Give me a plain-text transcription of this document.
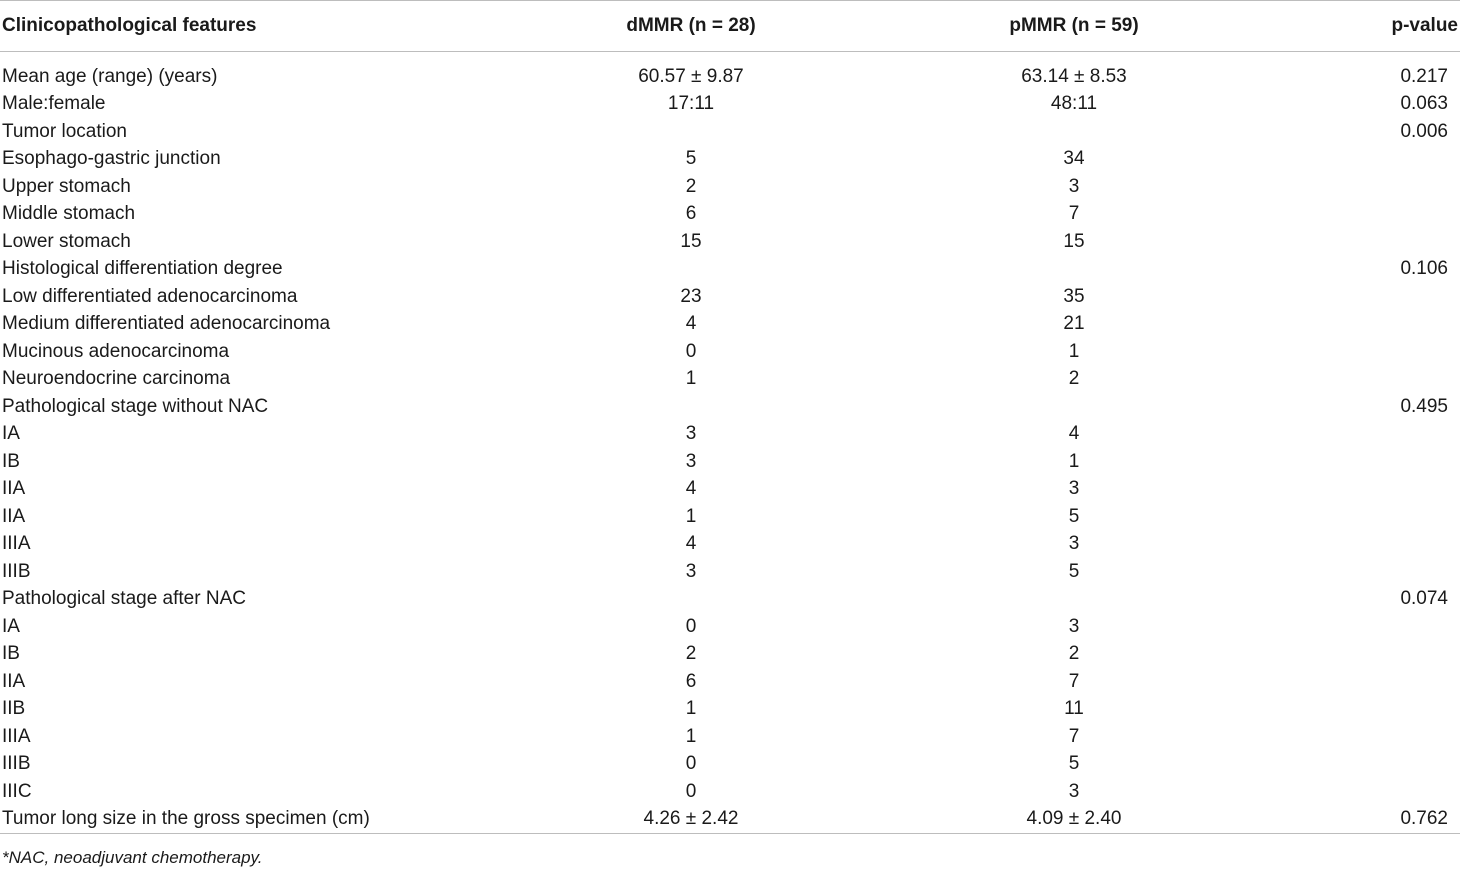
Clinicopathological features	dMMR (n = 28)	pMMR (n = 59)	p-value

Mean age (range) (years)	60.57 ± 9.87	63.14 ± 8.53	0.217
Male:female	17:11	48:11	0.063
Tumor location			0.006
Esophago-gastric junction	5	34	
Upper stomach	2	3	
Middle stomach	6	7	
Lower stomach	15	15	
Histological differentiation degree			0.106
Low differentiated adenocarcinoma	23	35	
Medium differentiated adenocarcinoma	4	21	
Mucinous adenocarcinoma	0	1	
Neuroendocrine carcinoma	1	2	
Pathological stage without NAC			0.495
IA	3	4	
IB	3	1	
IIA	4	3	
IIA	1	5	
IIIA	4	3	
IIIB	3	5	
Pathological stage after NAC			0.074
IA	0	3	
IB	2	2	
IIA	6	7	
IIB	1	11	
IIIA	1	7	
IIIB	0	5	
IIIC	0	3	
Tumor long size in the gross specimen (cm)	4.26 ± 2.42	4.09 ± 2.40	0.762
*NAC, neoadjuvant chemotherapy.
